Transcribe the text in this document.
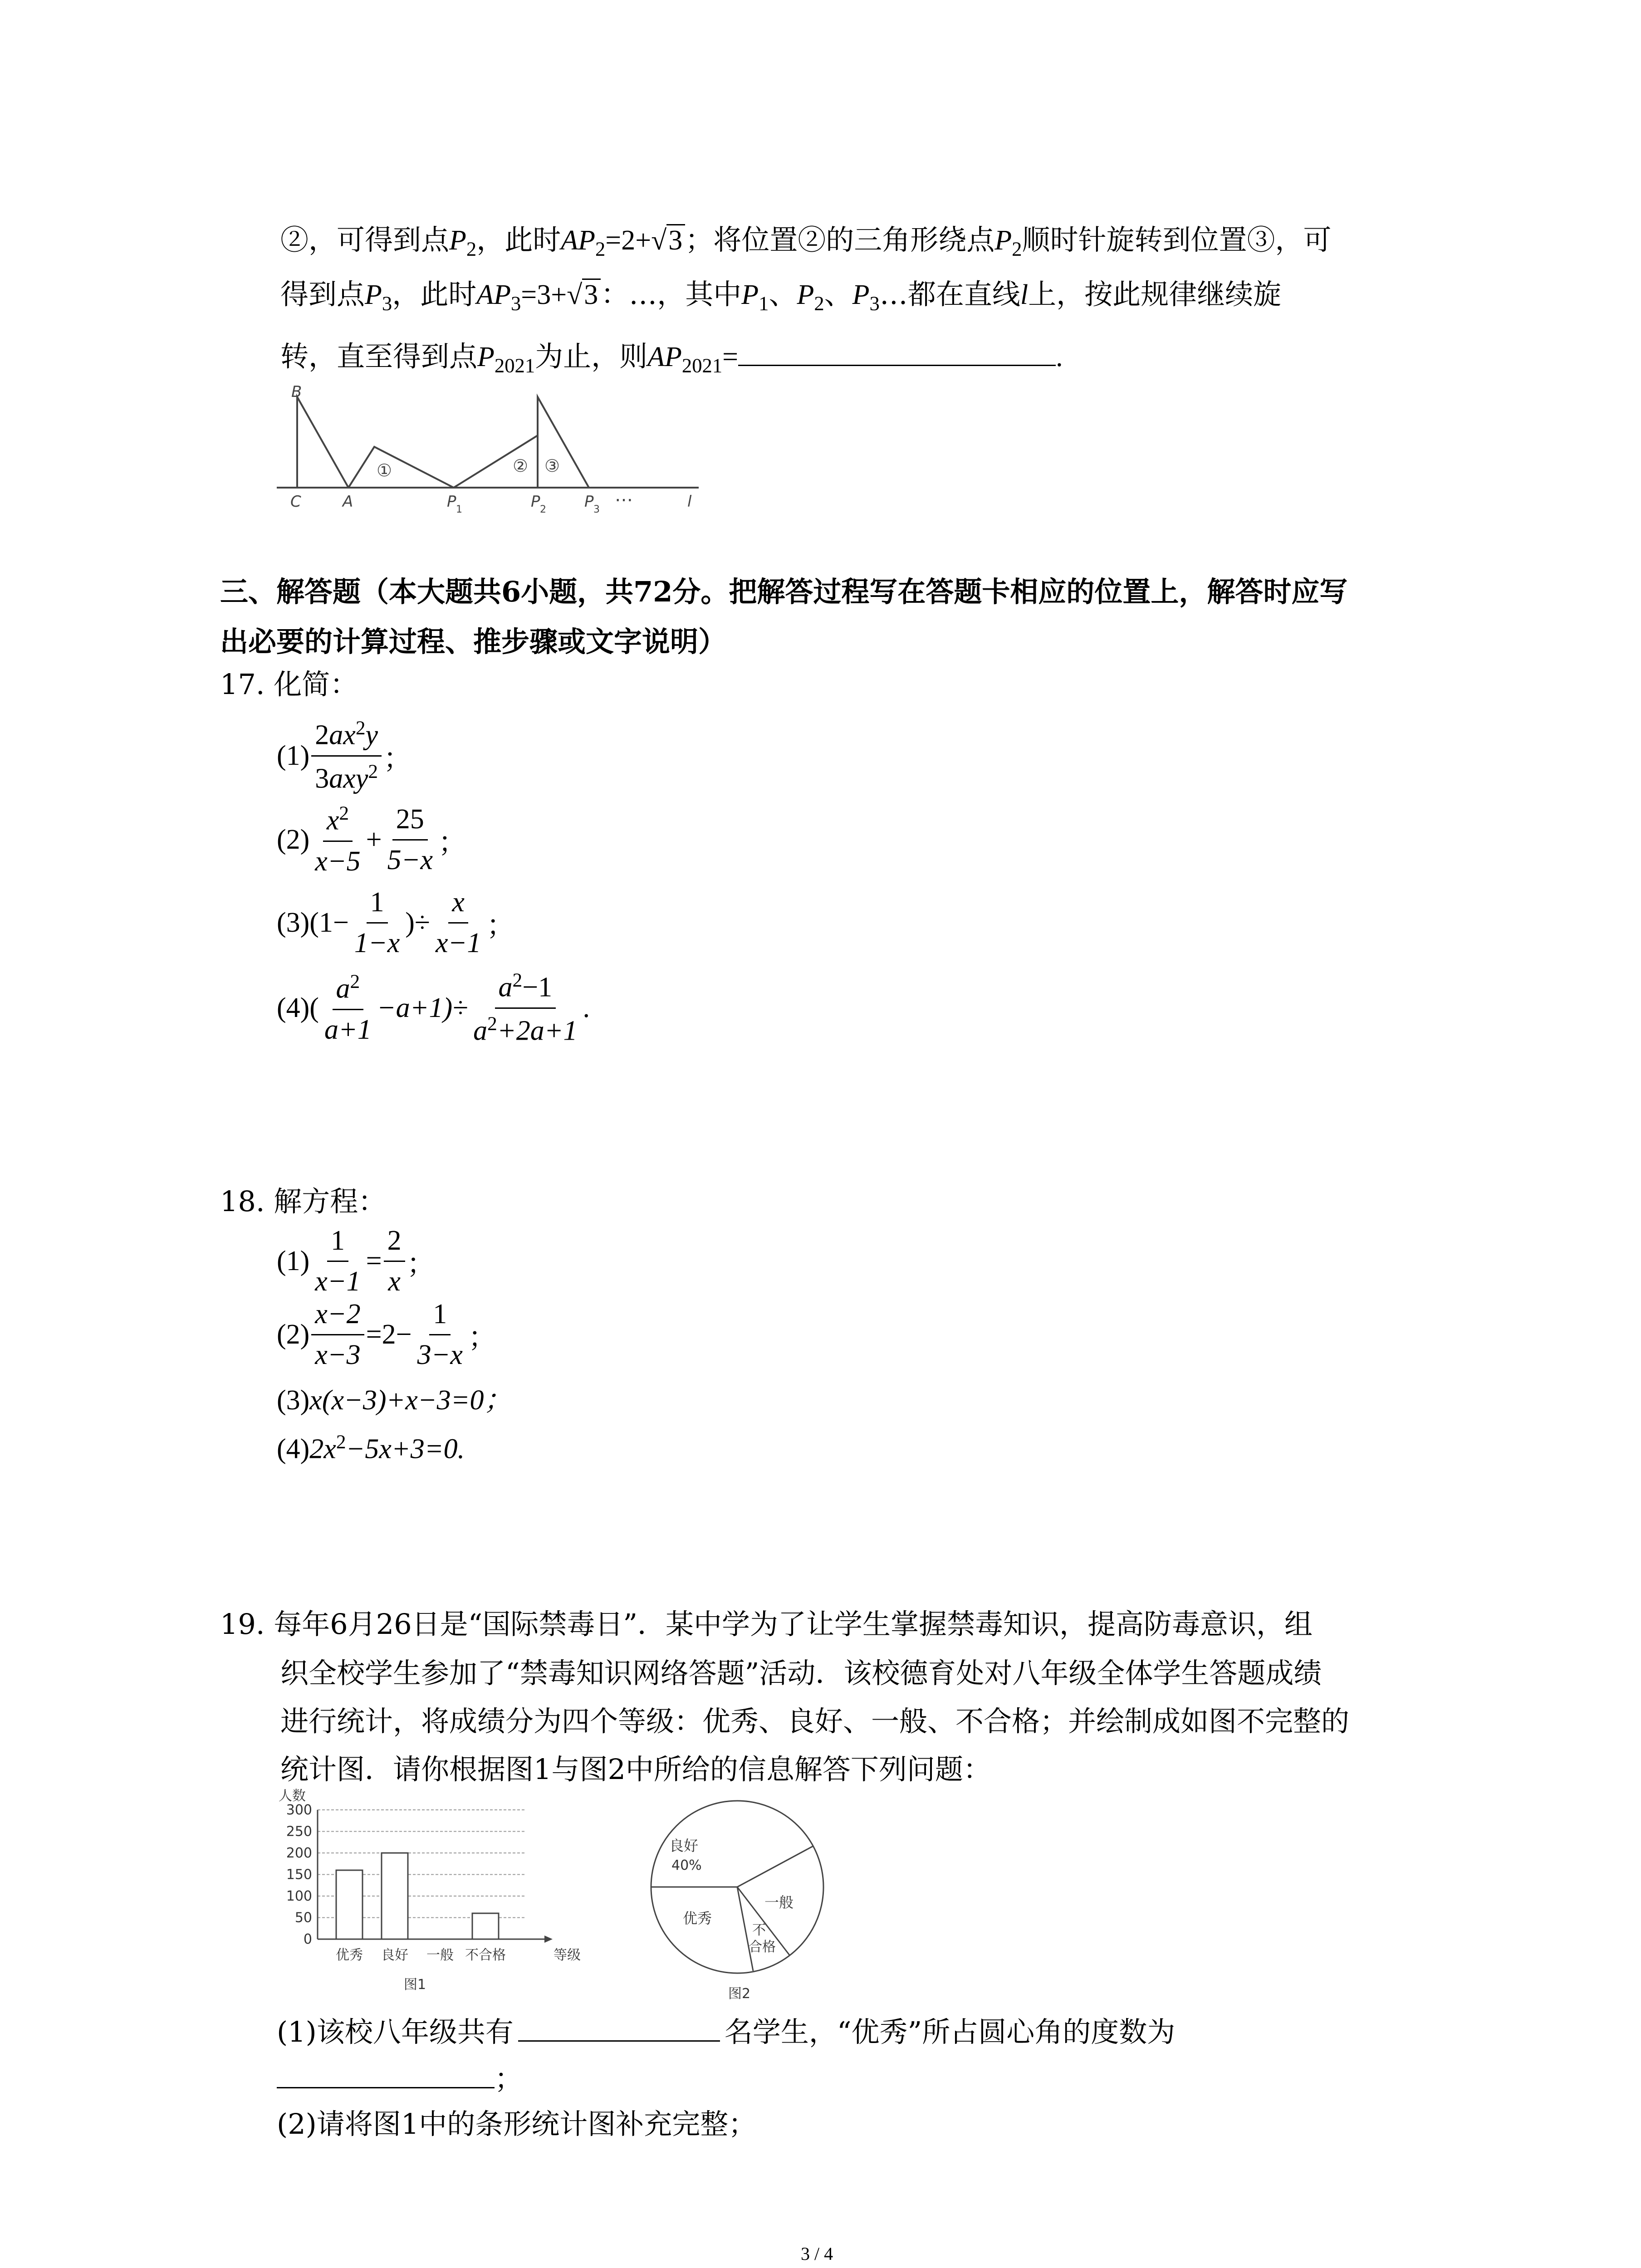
②，可得到点$P_2$，此时$AP_2=2+√3$；将位置②的三角形绕点$P_2$顺时针旋转到位置③，可
得到点$P_3$，此时$AP_3=3+√3$：…，其中$P_1$、$P_2$、$P_3\dots$都在直线l上，按此规律继续旋
转，直至得到点$P_{2021}$为止，则$AP_{2021}=$	.
B
C	A	P 1	P 2 P 3
…	l
①	② ③
三、解答题（本大题共6小题，共72分。把解答过程写在答题卡相应的位置上，解答时应写
出必要的计算过程、推步骤或文字说明）
17. 化简：
$(1) \frac{2ax^2y}{3axy^2}$ ；
$(2) \frac{x^2}{x-5} + \frac{25}{5-x}$ ；
(3) ($1- \frac{1}{1-x}$ )÷ $\frac{x}{x-1}$ ；
(4) ( $\frac{a^2}{a+1} -a+1)\div \frac{a^2-1}{a^2+2a+1}$ .
18. 解方程：
$(1) \frac{1}{x-1} = \frac{2}{x}$ ；
$(2) \frac{x-2}{x-3} =2- \frac{1}{3-x}$ ；
(3)x(x−3)+x−3=0；
$(4)2x^2-5x+3=0$.
19. 每年6月26日是“国际禁毒日”．某中学为了让学生掌握禁毒知识，提高防毒意识，组
织全校学生参加了“禁毒知识网络答题”活动．该校德育处对八年级全体学生答题成绩
进行统计，将成绩分为四个等级：优秀、良好、一般、不合格；并绘制成如图不完整的
统计图．请你根据图1与图2中所给的信息解答下列问题：
人数
0
50
100
150
200
250
300
优秀 良好 一般 不合格	等级
图1
良好
40%
一般
不
合格
优秀
图2
(1)该校八年级共有	名学生，“优秀”所占圆心角的度数为
；
(2)请将图1中的条形统计图补充完整；
3 / 4
